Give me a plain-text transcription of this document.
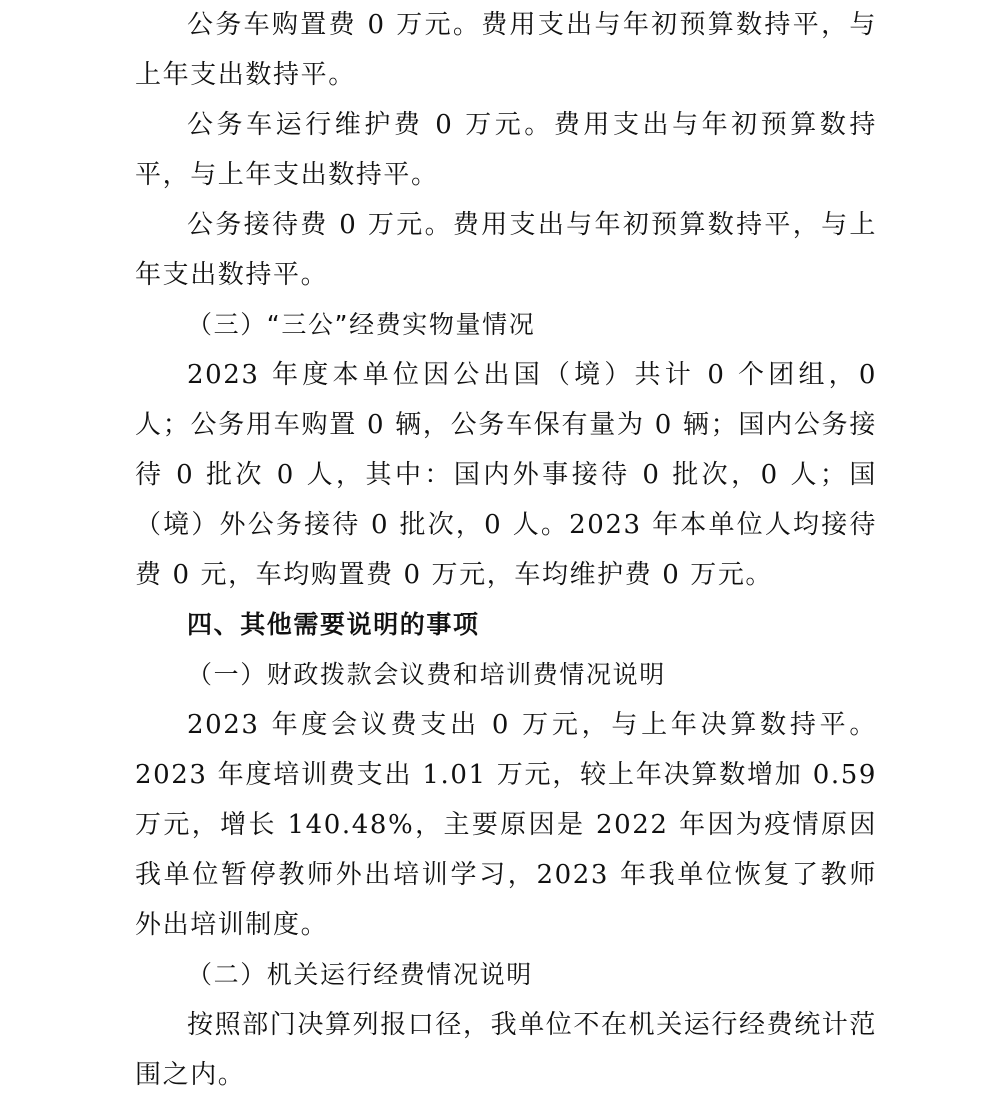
公务车购置费 0 万元。费用支出与年初预算数持平，与上年支出数持平。

公务车运行维护费 0 万元。费用支出与年初预算数持平，与上年支出数持平。

公务接待费 0 万元。费用支出与年初预算数持平，与上年支出数持平。

（三）“三公”经费实物量情况

2023 年度本单位因公出国（境）共计 0 个团组，0 人；公务用车购置 0 辆，公务车保有量为 0 辆；国内公务接待 0 批次 0 人，其中：国内外事接待 0 批次，0 人；国（境）外公务接待 0 批次，0 人。2023 年本单位人均接待费 0 元，车均购置费 0 万元，车均维护费 0 万元。

四、其他需要说明的事项

（一）财政拨款会议费和培训费情况说明

2023 年度会议费支出 0 万元，与上年决算数持平。2023 年度培训费支出 1.01 万元，较上年决算数增加 0.59 万元，增长 140.48%，主要原因是 2022 年因为疫情原因我单位暂停教师外出培训学习，2023 年我单位恢复了教师外出培训制度。

（二）机关运行经费情况说明

按照部门决算列报口径，我单位不在机关运行经费统计范围之内。
